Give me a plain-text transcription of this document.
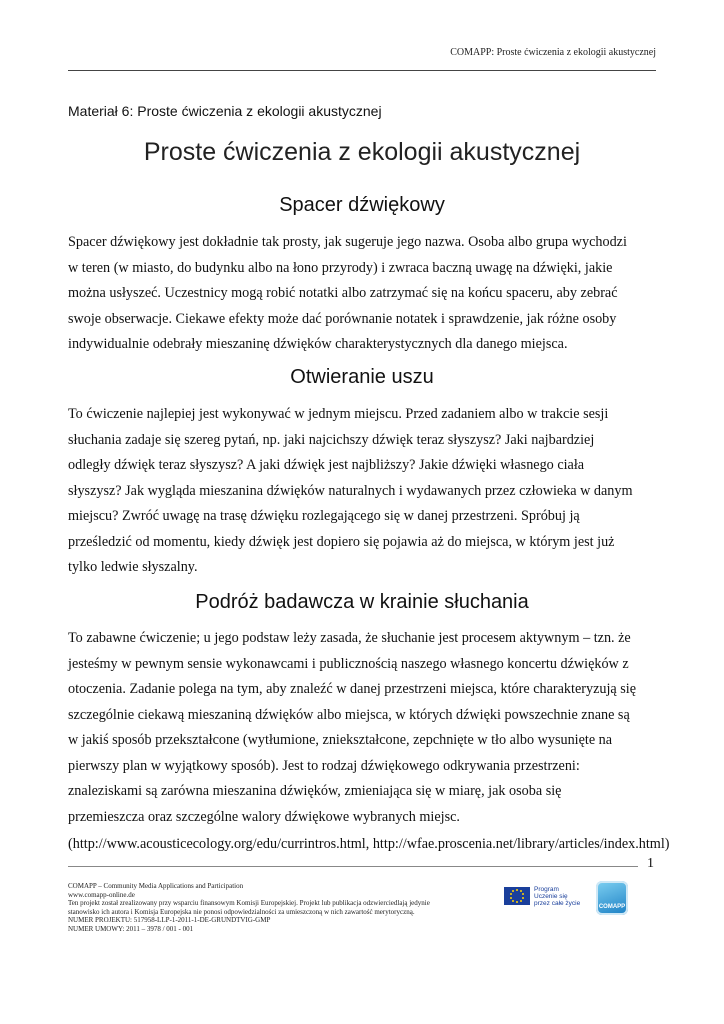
COMAPP: Proste ćwiczenia z ekologii akustycznej
Materiał 6: Proste ćwiczenia z ekologii akustycznej
Proste ćwiczenia z ekologii akustycznej
Spacer dźwiękowy

Spacer dźwiękowy jest dokładnie tak prosty, jak sugeruje jego nazwa. Osoba albo grupa wychodzi

w teren (w miasto, do budynku albo na łono przyrody) i zwraca baczną uwagę na dźwięki, jakie

można usłyszeć. Uczestnicy mogą robić notatki albo zatrzymać się na końcu spaceru, aby zebrać

swoje obserwacje. Ciekawe efekty może dać porównanie notatek i sprawdzenie, jak różne osoby

indywidualnie odebrały mieszaninę dźwięków charakterystycznych dla danego miejsca.

Otwieranie uszu

To ćwiczenie najlepiej jest wykonywać w jednym miejscu. Przed zadaniem albo w trakcie sesji

słuchania zadaje się szereg pytań, np. jaki najcichszy dźwięk teraz słyszysz? Jaki najbardziej

odległy dźwięk teraz słyszysz? A jaki dźwięk jest najbliższy? Jakie dźwięki własnego ciała

słyszysz? Jak wygląda mieszanina dźwięków naturalnych i wydawanych przez człowieka w danym

miejscu? Zwróć uwagę na trasę dźwięku rozlegającego się w danej przestrzeni. Spróbuj ją

prześledzić od momentu, kiedy dźwięk jest dopiero się pojawia aż do miejsca, w którym jest już

tylko ledwie słyszalny.

Podróż badawcza w krainie słuchania

To zabawne ćwiczenie; u jego podstaw leży zasada, że słuchanie jest procesem aktywnym – tzn. że

jesteśmy w pewnym sensie wykonawcami i publicznością naszego własnego koncertu dźwięków z

otoczenia. Zadanie polega na tym, aby znaleźć w danej przestrzeni miejsca, które charakteryzują się

szczególnie ciekawą mieszaniną dźwięków albo miejsca, w których dźwięki powszechnie znane są

w jakiś sposób przekształcone (wytłumione, zniekształcone, zepchnięte w tło albo wysunięte na

pierwszy plan w wyjątkowy sposób). Jest to rodzaj dźwiękowego odkrywania przestrzeni:

znaleziskami są zarówna mieszanina dźwięków, zmieniająca się w miarę, jak osoba się

przemieszcza oraz szczególne walory dźwiękowe wybranych miejsc.

(http://www.acousticecology.org/edu/currintros.html, http://wfae.proscenia.net/library/articles/index.html)
1
COMAPP – Community Media Applications and Participation
www.comapp-online.de
Ten projekt został zrealizowany przy wsparciu finansowym Komisji Europejskiej. Projekt lub publikacja odzwierciedlają jedynie
stanowisko ich autora i Komisja Europejska nie ponosi odpowiedzialności za umieszczoną w nich zawartość merytoryczną.
NUMER PROJEKTU: 517958-LLP-1-2011-1-DE-GRUNDTVIG-GMP
NUMER UMOWY: 2011 – 3978 / 001 - 001
Program
Uczenie się
przez całe życie
COMAPP
